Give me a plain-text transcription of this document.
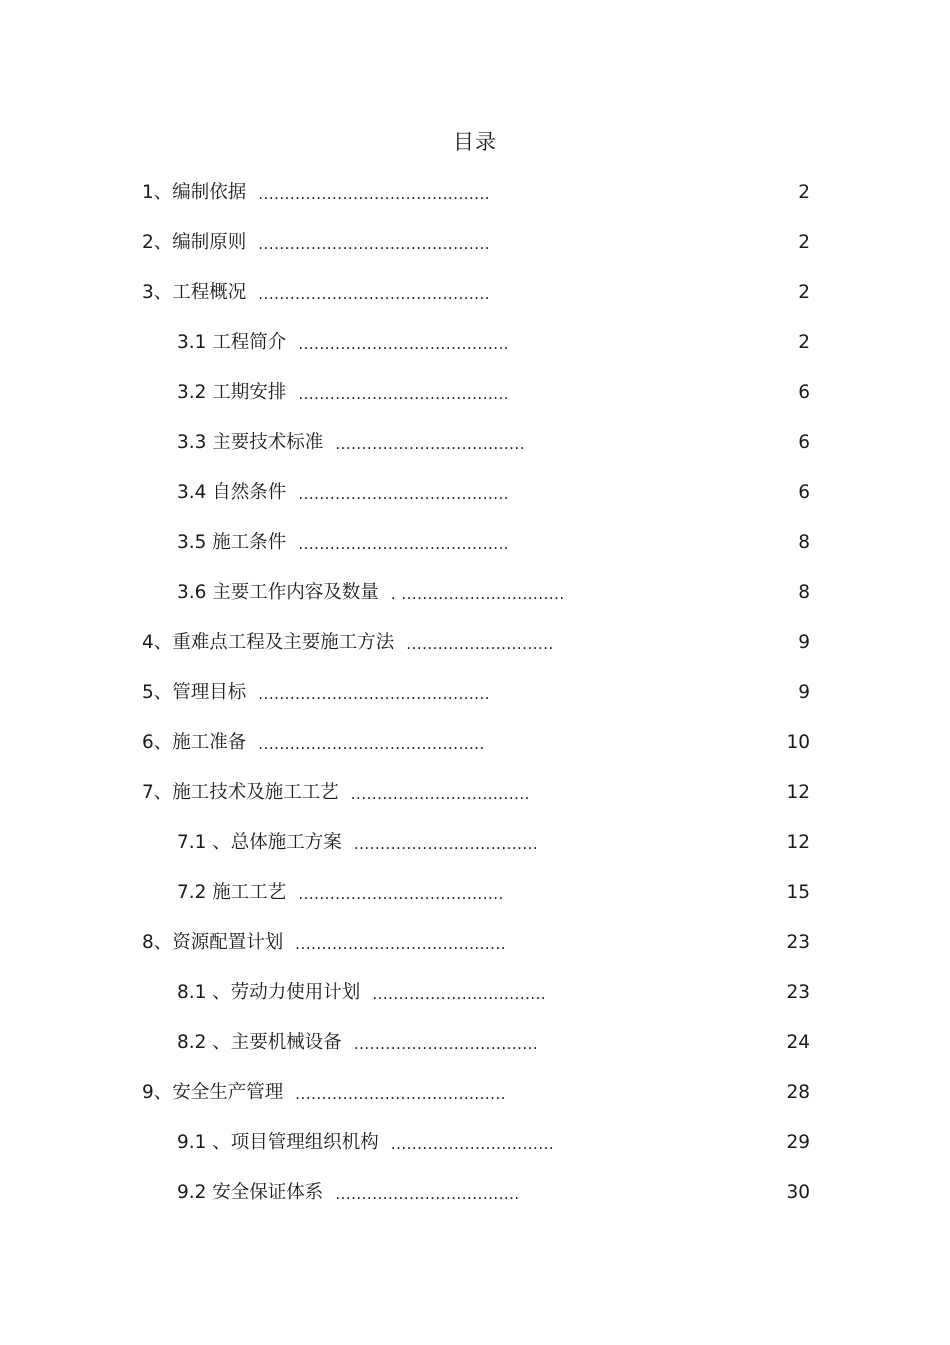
目录
1、编制依据 ............................................	2
2、编制原则 ............................................	2
3、工程概况 ............................................	2
3.1 工程简介 ........................................	2
3.2 工期安排 ........................................	6
3.3 主要技术标准 ....................................	6
3.4 自然条件 ........................................	6
3.5 施工条件 ........................................	8
3.6 主要工作内容及数量 . ...............................	8
4、重难点工程及主要施工方法 ............................	9
5、管理目标 ............................................	9
6、施工准备 ...........................................	10
7、施工技术及施工工艺 ..................................	12
7.1 、总体施工方案 ...................................	12
7.2 施工工艺 .......................................	15
8、资源配置计划 ........................................	23
8.1 、劳动力使用计划 .................................	23
8.2 、主要机械设备 ...................................	24
9、安全生产管理 ........................................	28
9.1 、项目管理组织机构 ...............................	29
9.2 安全保证体系 ...................................	30
